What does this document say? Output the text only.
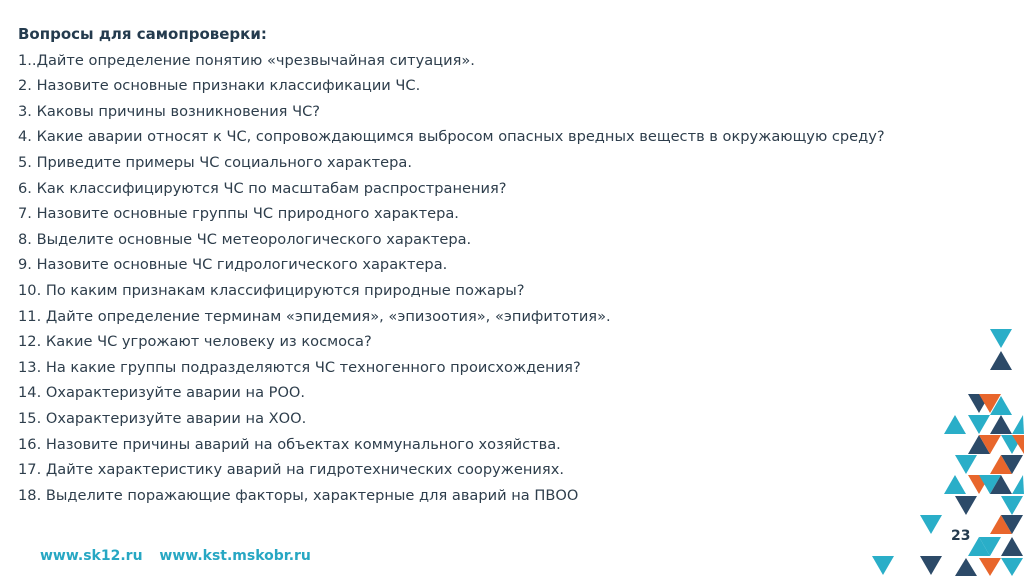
Вопросы для самопроверки:
1..Дайте определение понятию «чрезвычайная ситуация».
2. Назовите основные признаки классификации ЧС.
3. Каковы причины возникновения ЧС?
4. Какие аварии относят к ЧС, сопровождающимся выбросом опасных вредных веществ в окружающую среду?
5. Приведите примеры ЧС социального характера.
6. Как классифицируются ЧС по масштабам распространения?
7. Назовите основные группы ЧС природного характера.
8. Выделите основные ЧС метеорологического характера.
9. Назовите основные ЧС гидрологического характера.
10. По каким признакам классифицируются природные пожары?
11. Дайте определение терминам «эпидемия», «эпизоотия», «эпифитотия».
12. Какие ЧС угрожают человеку из космоса?
13. На какие группы подразделяются ЧС техногенного происхождения?
14. Охарактеризуйте аварии на РОО.
15. Охарактеризуйте аварии на ХОО.
16. Назовите причины аварий на объектах коммунального хозяйства.
17. Дайте характеристику аварий на гидротехнических сооружениях.
18. Выделите поражающие факторы, характерные для аварий на ПВОО
www.sk12.ru www.kst.mskobr.ru
23
